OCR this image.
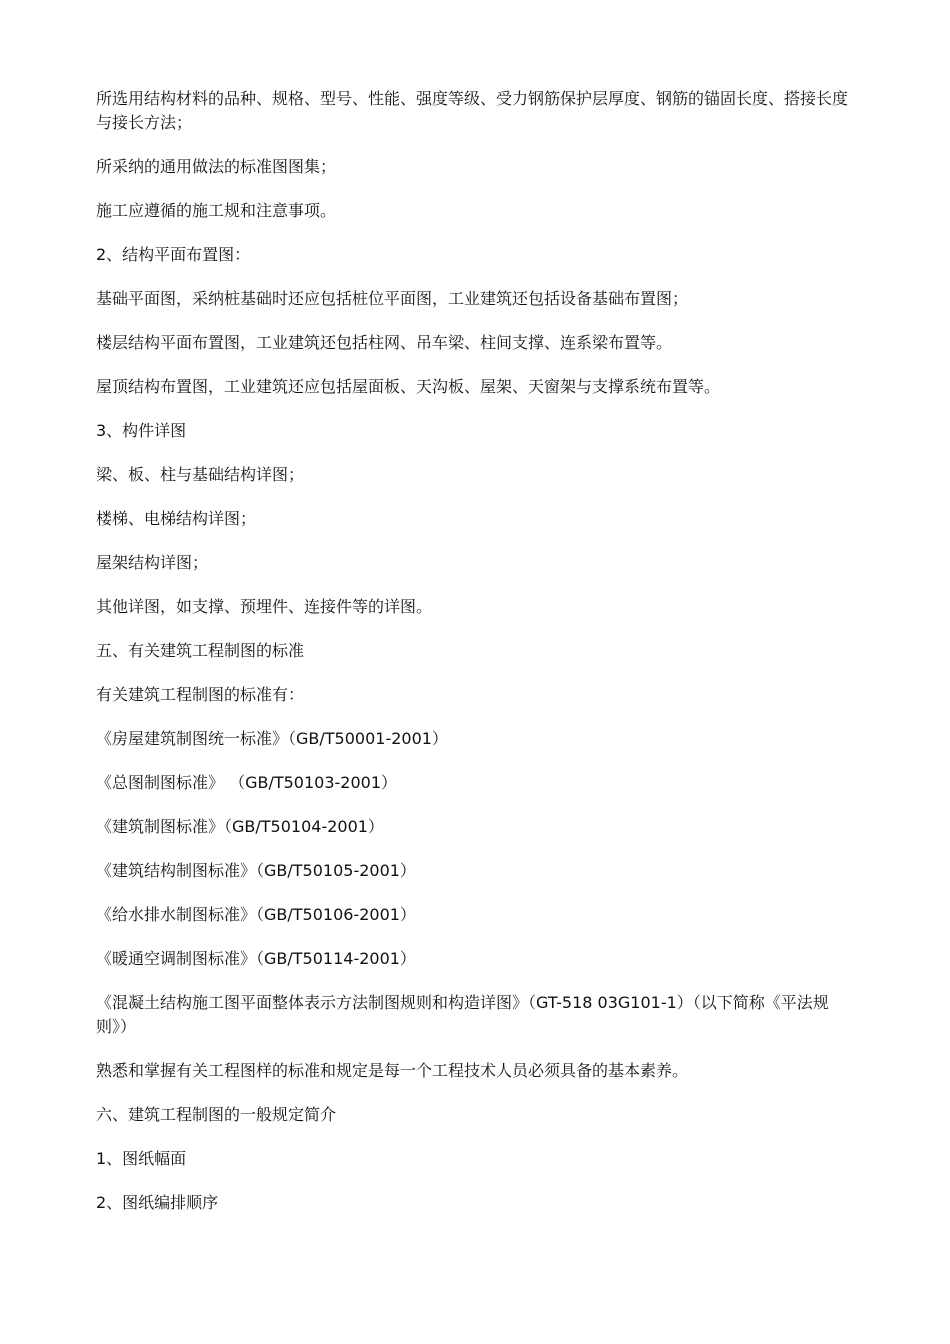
所选用结构材料的品种、规格、型号、性能、强度等级、受力钢筋保护层厚度、钢筋的锚固长度、搭接长度与接长方法；

所采纳的通用做法的标准图图集；

施工应遵循的施工规和注意事项。

2、结构平面布置图：

基础平面图，采纳桩基础时还应包括桩位平面图，工业建筑还包括设备基础布置图；

楼层结构平面布置图，工业建筑还包括柱网、吊车梁、柱间支撑、连系梁布置等。

屋顶结构布置图，工业建筑还应包括屋面板、天沟板、屋架、天窗架与支撑系统布置等。

3、构件详图

梁、板、柱与基础结构详图；

楼梯、电梯结构详图；

屋架结构详图；

其他详图，如支撑、预埋件、连接件等的详图。

五、有关建筑工程制图的标准

有关建筑工程制图的标准有：

《房屋建筑制图统一标准》（GB/T50001-2001）

《总图制图标准》 （GB/T50103-2001）

《建筑制图标准》（GB/T50104-2001）

《建筑结构制图标准》（GB/T50105-2001）

《给水排水制图标准》（GB/T50106-2001）

《暖通空调制图标准》（GB/T50114-2001）

《混凝土结构施工图平面整体表示方法制图规则和构造详图》（GT-518 03G101-1）（以下简称《平法规则》）

熟悉和掌握有关工程图样的标准和规定是每一个工程技术人员必须具备的基本素养。

六、建筑工程制图的一般规定简介

1、图纸幅面

2、图纸编排顺序
